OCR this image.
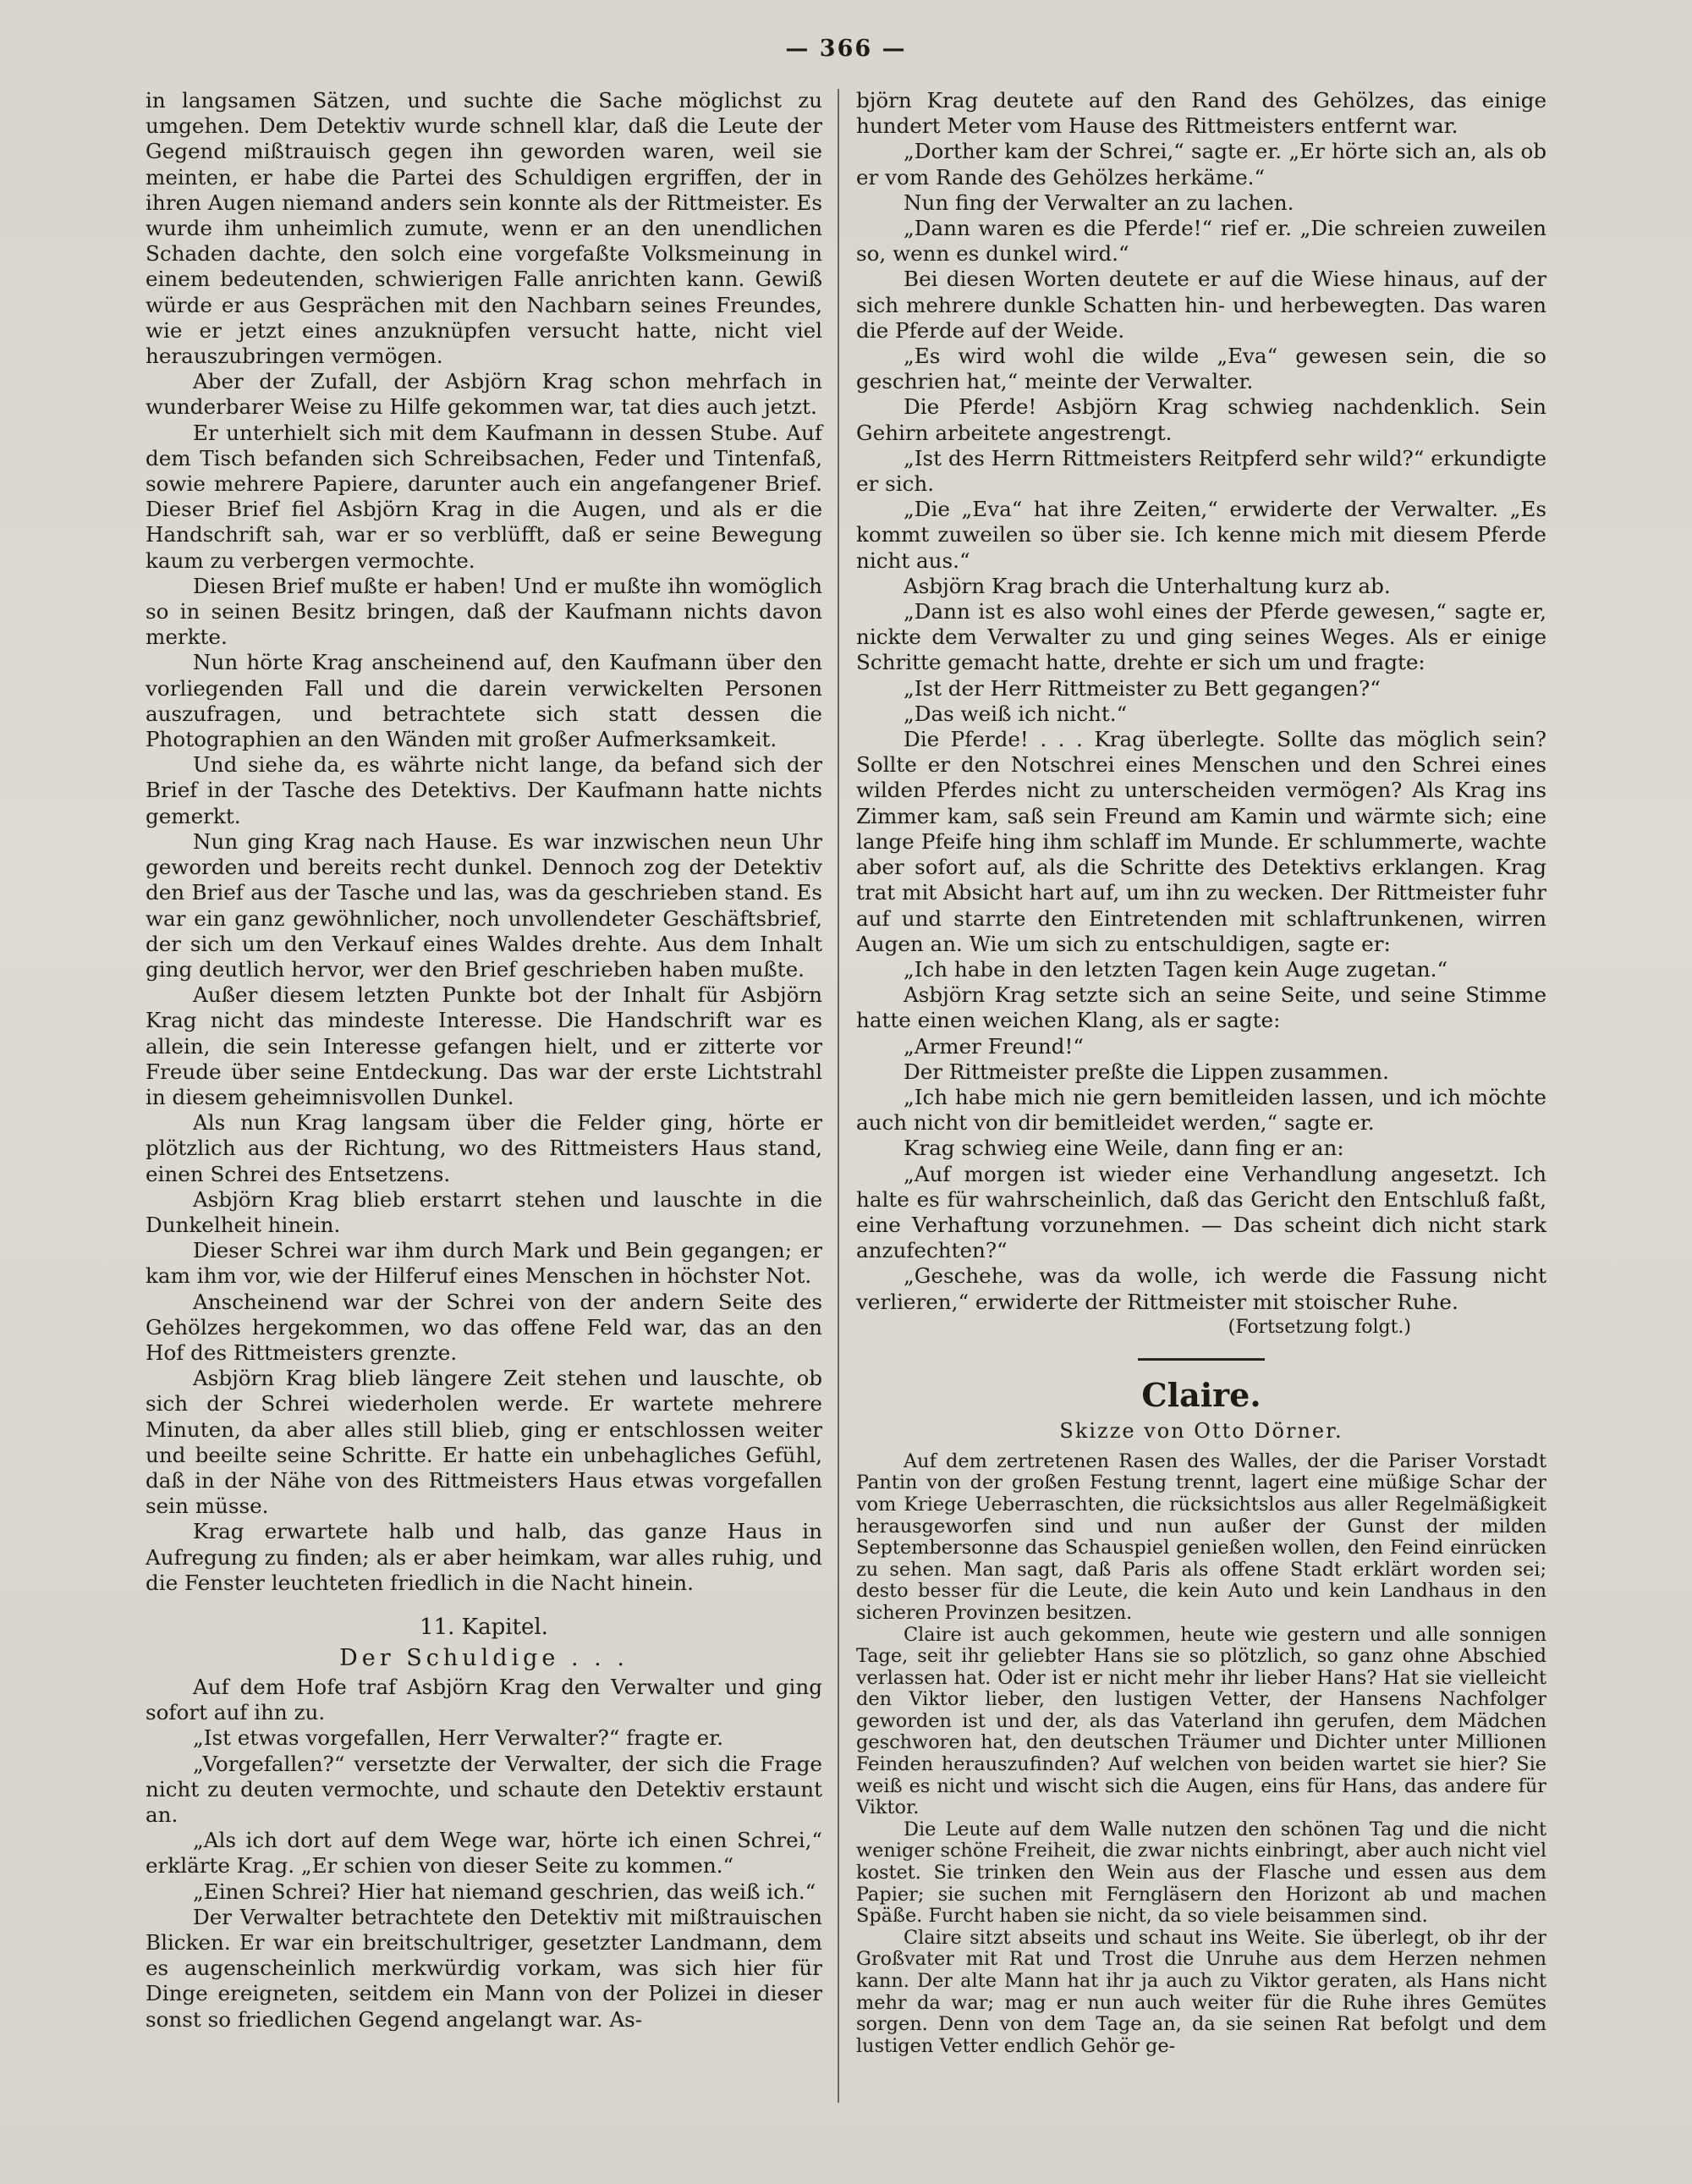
— 366 —

in langsamen Sätzen, und suchte die Sache möglichst zu umgehen. Dem Detektiv wurde schnell klar, daß die Leute der Gegend mißtrauisch gegen ihn geworden waren, weil sie meinten, er habe die Partei des Schuldigen ergriffen, der in ihren Augen niemand anders sein konnte als der Rittmeister. Es wurde ihm unheimlich zumute, wenn er an den unendlichen Schaden dachte, den solch eine vorgefaßte Volksmeinung in einem bedeutenden, schwierigen Falle anrichten kann. Gewiß würde er aus Gesprächen mit den Nachbarn seines Freundes, wie er jetzt eines anzuknüpfen versucht hatte, nicht viel herauszubringen vermögen.

Aber der Zufall, der Asbjörn Krag schon mehrfach in wunderbarer Weise zu Hilfe gekommen war, tat dies auch jetzt.

Er unterhielt sich mit dem Kaufmann in dessen Stube. Auf dem Tisch befanden sich Schreibsachen, Feder und Tintenfaß, sowie mehrere Papiere, darunter auch ein angefangener Brief. Dieser Brief fiel Asbjörn Krag in die Augen, und als er die Handschrift sah, war er so verblüfft, daß er seine Bewegung kaum zu verbergen vermochte.

Diesen Brief mußte er haben! Und er mußte ihn womöglich so in seinen Besitz bringen, daß der Kaufmann nichts davon merkte.

Nun hörte Krag anscheinend auf, den Kaufmann über den vorliegenden Fall und die darein verwickelten Personen auszufragen, und betrachtete sich statt dessen die Photographien an den Wänden mit großer Aufmerksamkeit.

Und siehe da, es währte nicht lange, da befand sich der Brief in der Tasche des Detektivs. Der Kaufmann hatte nichts gemerkt.

Nun ging Krag nach Hause. Es war inzwischen neun Uhr geworden und bereits recht dunkel. Dennoch zog der Detektiv den Brief aus der Tasche und las, was da geschrieben stand. Es war ein ganz gewöhnlicher, noch unvollendeter Geschäftsbrief, der sich um den Verkauf eines Waldes drehte. Aus dem Inhalt ging deutlich hervor, wer den Brief geschrieben haben mußte.

Außer diesem letzten Punkte bot der Inhalt für Asbjörn Krag nicht das mindeste Interesse. Die Handschrift war es allein, die sein Interesse gefangen hielt, und er zitterte vor Freude über seine Entdeckung. Das war der erste Lichtstrahl in diesem geheimnisvollen Dunkel.

Als nun Krag langsam über die Felder ging, hörte er plötzlich aus der Richtung, wo des Rittmeisters Haus stand, einen Schrei des Entsetzens.

Asbjörn Krag blieb erstarrt stehen und lauschte in die Dunkelheit hinein.

Dieser Schrei war ihm durch Mark und Bein gegangen; er kam ihm vor, wie der Hilferuf eines Menschen in höchster Not.

Anscheinend war der Schrei von der andern Seite des Gehölzes hergekommen, wo das offene Feld war, das an den Hof des Rittmeisters grenzte.

Asbjörn Krag blieb längere Zeit stehen und lauschte, ob sich der Schrei wiederholen werde. Er wartete mehrere Minuten, da aber alles still blieb, ging er entschlossen weiter und beeilte seine Schritte. Er hatte ein unbehagliches Gefühl, daß in der Nähe von des Rittmeisters Haus etwas vorgefallen sein müsse.

Krag erwartete halb und halb, das ganze Haus in Aufregung zu finden; als er aber heimkam, war alles ruhig, und die Fenster leuchteten friedlich in die Nacht hinein.

11. Kapitel.
Der Schuldige . . .

Auf dem Hofe traf Asbjörn Krag den Verwalter und ging sofort auf ihn zu.

„Ist etwas vorgefallen, Herr Verwalter?“ fragte er.

„Vorgefallen?“ versetzte der Verwalter, der sich die Frage nicht zu deuten vermochte, und schaute den Detektiv erstaunt an.

„Als ich dort auf dem Wege war, hörte ich einen Schrei,“ erklärte Krag. „Er schien von dieser Seite zu kommen.“

„Einen Schrei? Hier hat niemand geschrien, das weiß ich.“

Der Verwalter betrachtete den Detektiv mit mißtrauischen Blicken. Er war ein breitschultriger, gesetzter Landmann, dem es augenscheinlich merkwürdig vorkam, was sich hier für Dinge ereigneten, seitdem ein Mann von der Polizei in dieser sonst so friedlichen Gegend angelangt war. As-

björn Krag deutete auf den Rand des Gehölzes, das einige hundert Meter vom Hause des Rittmeisters entfernt war.

„Dorther kam der Schrei,“ sagte er. „Er hörte sich an, als ob er vom Rande des Gehölzes herkäme.“

Nun fing der Verwalter an zu lachen.

„Dann waren es die Pferde!“ rief er. „Die schreien zuweilen so, wenn es dunkel wird.“

Bei diesen Worten deutete er auf die Wiese hinaus, auf der sich mehrere dunkle Schatten hin- und herbewegten. Das waren die Pferde auf der Weide.

„Es wird wohl die wilde „Eva“ gewesen sein, die so geschrien hat,“ meinte der Verwalter.

Die Pferde! Asbjörn Krag schwieg nachdenklich. Sein Gehirn arbeitete angestrengt.

„Ist des Herrn Rittmeisters Reitpferd sehr wild?“ erkundigte er sich.

„Die „Eva“ hat ihre Zeiten,“ erwiderte der Verwalter. „Es kommt zuweilen so über sie. Ich kenne mich mit diesem Pferde nicht aus.“

Asbjörn Krag brach die Unterhaltung kurz ab.

„Dann ist es also wohl eines der Pferde gewesen,“ sagte er, nickte dem Verwalter zu und ging seines Weges. Als er einige Schritte gemacht hatte, drehte er sich um und fragte:

„Ist der Herr Rittmeister zu Bett gegangen?“

„Das weiß ich nicht.“

Die Pferde! . . . Krag überlegte. Sollte das möglich sein? Sollte er den Notschrei eines Menschen und den Schrei eines wilden Pferdes nicht zu unterscheiden vermögen? Als Krag ins Zimmer kam, saß sein Freund am Kamin und wärmte sich; eine lange Pfeife hing ihm schlaff im Munde. Er schlummerte, wachte aber sofort auf, als die Schritte des Detektivs erklangen. Krag trat mit Absicht hart auf, um ihn zu wecken. Der Rittmeister fuhr auf und starrte den Eintretenden mit schlaftrunkenen, wirren Augen an. Wie um sich zu entschuldigen, sagte er:

„Ich habe in den letzten Tagen kein Auge zugetan.“

Asbjörn Krag setzte sich an seine Seite, und seine Stimme hatte einen weichen Klang, als er sagte:

„Armer Freund!“

Der Rittmeister preßte die Lippen zusammen.

„Ich habe mich nie gern bemitleiden lassen, und ich möchte auch nicht von dir bemitleidet werden,“ sagte er.

Krag schwieg eine Weile, dann fing er an:

„Auf morgen ist wieder eine Verhandlung angesetzt. Ich halte es für wahrscheinlich, daß das Gericht den Entschluß faßt, eine Verhaftung vorzunehmen. — Das scheint dich nicht stark anzufechten?“

„Geschehe, was da wolle, ich werde die Fassung nicht verlieren,“ erwiderte der Rittmeister mit stoischer Ruhe.

(Fortsetzung folgt.)
Claire.
Skizze von Otto Dörner.

Auf dem zertretenen Rasen des Walles, der die Pariser Vorstadt Pantin von der großen Festung trennt, lagert eine müßige Schar der vom Kriege Ueberraschten, die rücksichtslos aus aller Regelmäßigkeit herausgeworfen sind und nun außer der Gunst der milden Septembersonne das Schauspiel genießen wollen, den Feind einrücken zu sehen. Man sagt, daß Paris als offene Stadt erklärt worden sei; desto besser für die Leute, die kein Auto und kein Landhaus in den sicheren Provinzen besitzen.

Claire ist auch gekommen, heute wie gestern und alle sonnigen Tage, seit ihr geliebter Hans sie so plötzlich, so ganz ohne Abschied verlassen hat. Oder ist er nicht mehr ihr lieber Hans? Hat sie vielleicht den Viktor lieber, den lustigen Vetter, der Hansens Nachfolger geworden ist und der, als das Vaterland ihn gerufen, dem Mädchen geschworen hat, den deutschen Träumer und Dichter unter Millionen Feinden herauszufinden? Auf welchen von beiden wartet sie hier? Sie weiß es nicht und wischt sich die Augen, eins für Hans, das andere für Viktor.

Die Leute auf dem Walle nutzen den schönen Tag und die nicht weniger schöne Freiheit, die zwar nichts einbringt, aber auch nicht viel kostet. Sie trinken den Wein aus der Flasche und essen aus dem Papier; sie suchen mit Ferngläsern den Horizont ab und machen Späße. Furcht haben sie nicht, da so viele beisammen sind.

Claire sitzt abseits und schaut ins Weite. Sie überlegt, ob ihr der Großvater mit Rat und Trost die Unruhe aus dem Herzen nehmen kann. Der alte Mann hat ihr ja auch zu Viktor geraten, als Hans nicht mehr da war; mag er nun auch weiter für die Ruhe ihres Gemütes sorgen. Denn von dem Tage an, da sie seinen Rat befolgt und dem lustigen Vetter endlich Gehör ge-
